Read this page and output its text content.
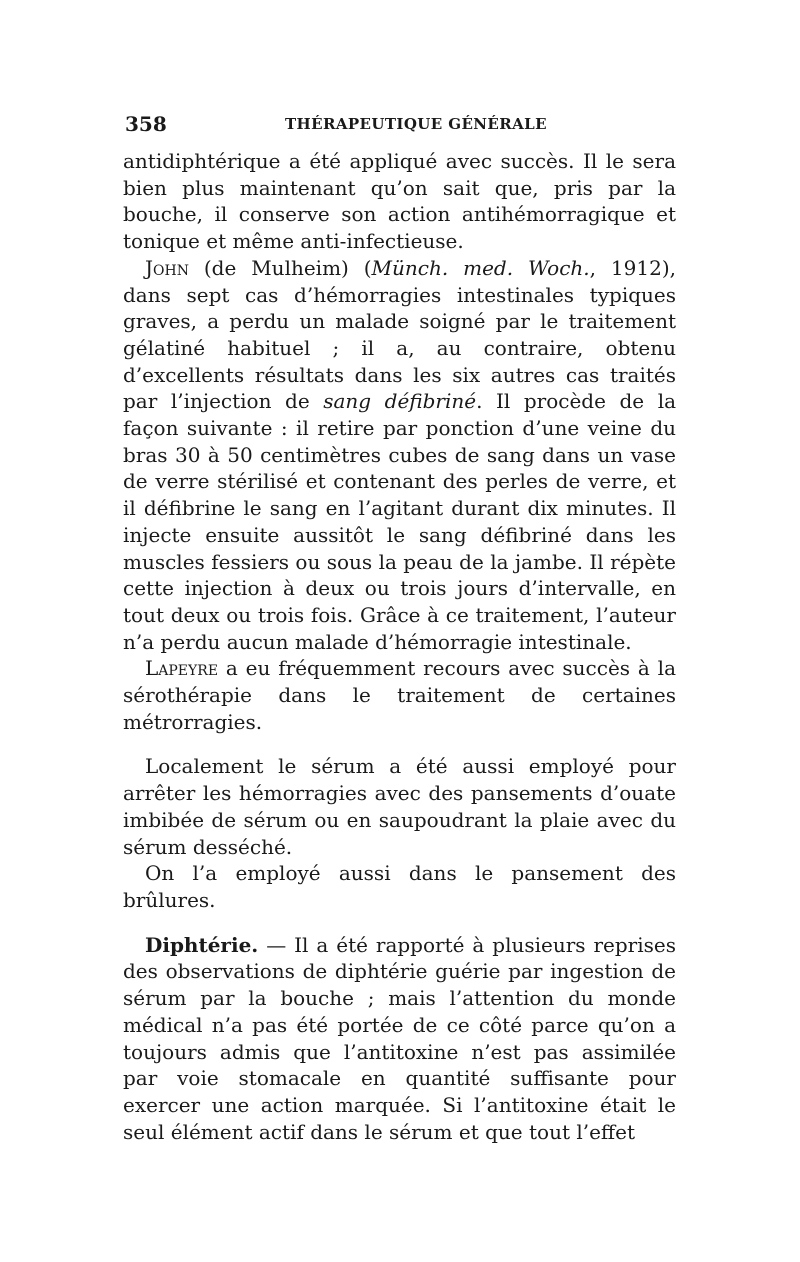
358	THÉRAPEUTIQUE GÉNÉRALE

antidiphtérique a été appliqué avec succès. Il le sera bien plus maintenant qu’on sait que, pris par la bouche, il conserve son action antihémorragique et tonique et même anti-infectieuse.

John (de Mulheim) (Münch. med. Woch., 1912), dans sept cas d’hémorragies intestinales typiques graves, a perdu un malade soigné par le traitement gélatiné habituel ; il a, au contraire, obtenu d’excellents résultats dans les six autres cas traités par l’injection de sang défibriné. Il procède de la façon suivante : il retire par ponction d’une veine du bras 30 à 50 centimètres cubes de sang dans un vase de verre stérilisé et contenant des perles de verre, et il défibrine le sang en l’agitant durant dix minutes. Il injecte ensuite aussitôt le sang défibriné dans les muscles fessiers ou sous la peau de la jambe. Il répète cette injection à deux ou trois jours d’intervalle, en tout deux ou trois fois. Grâce à ce traitement, l’auteur n’a perdu aucun malade d’hémorragie intestinale.

Lapeyre a eu fréquemment recours avec succès à la sérothérapie dans le traitement de certaines métrorragies.

Localement le sérum a été aussi employé pour arrêter les hémorragies avec des pansements d’ouate imbibée de sérum ou en saupoudrant la plaie avec du sérum desséché.

On l’a employé aussi dans le pansement des brûlures.

Diphtérie. — Il a été rapporté à plusieurs reprises des observations de diphtérie guérie par ingestion de sérum par la bouche ; mais l’attention du monde médical n’a pas été portée de ce côté parce qu’on a toujours admis que l’antitoxine n’est pas assimilée par voie stomacale en quantité suffisante pour exercer une action marquée. Si l’antitoxine était le seul élément actif dans le sérum et que tout l’effet
